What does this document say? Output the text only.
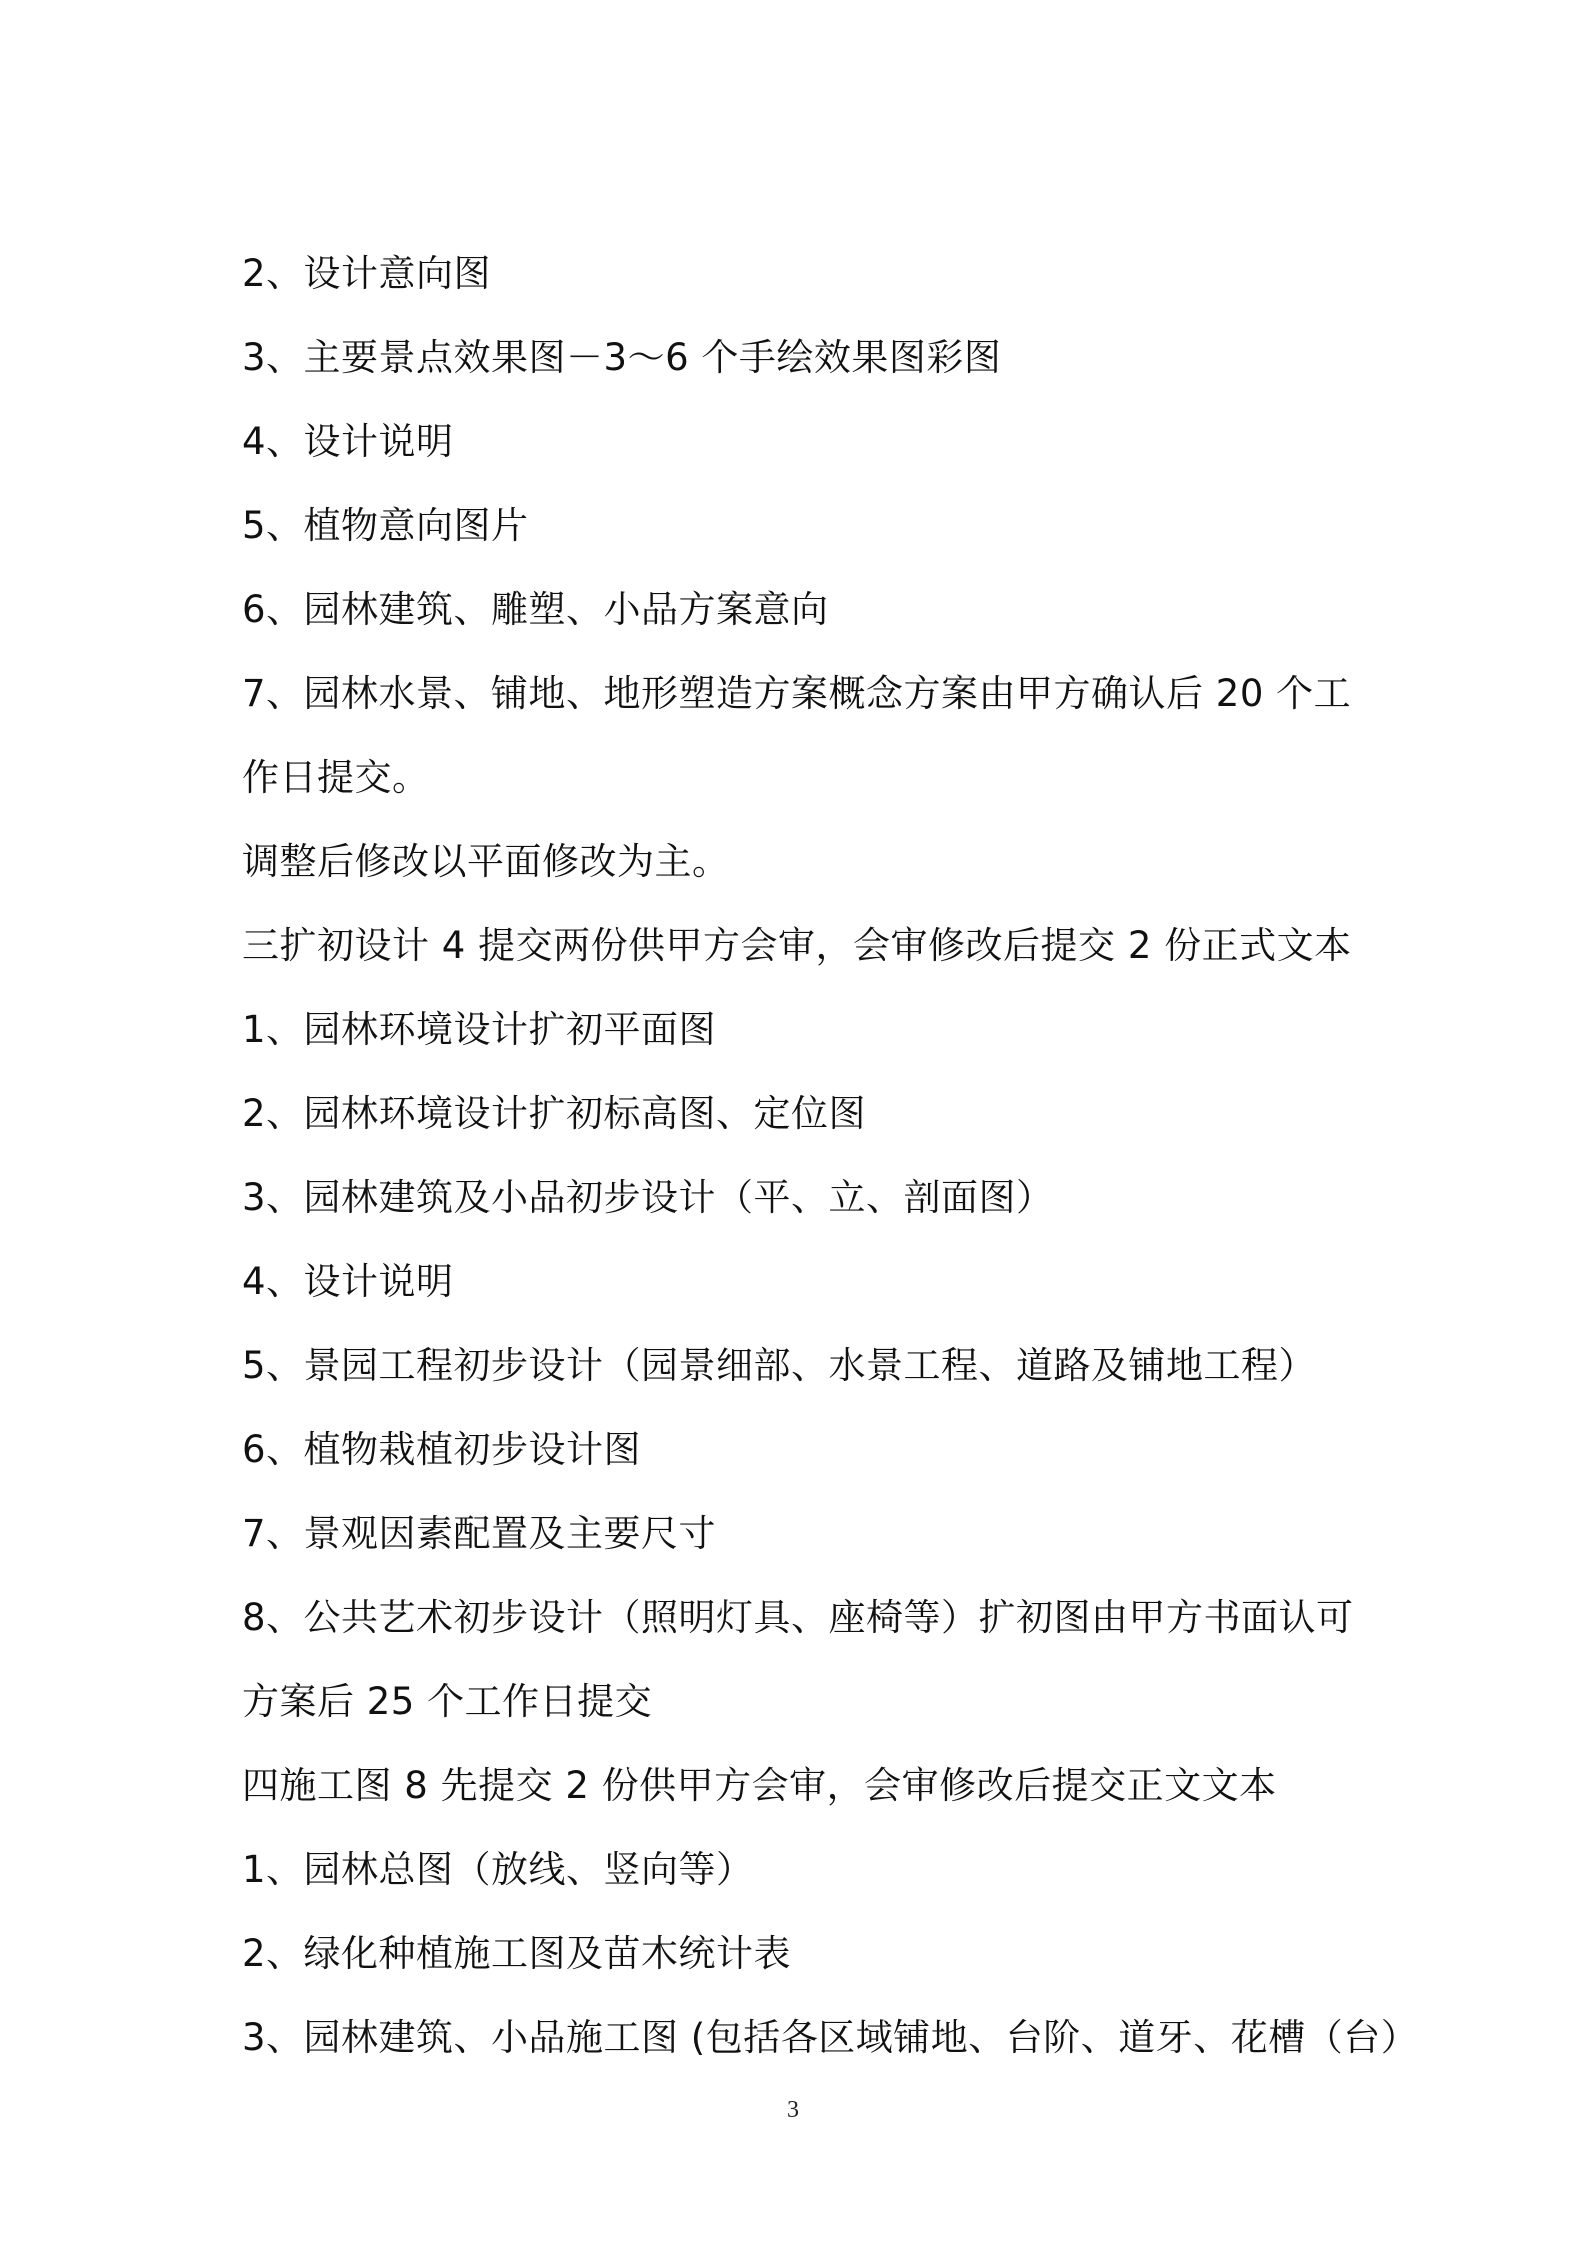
2、设计意向图
3、主要景点效果图－3～6 个手绘效果图彩图
4、设计说明
5、植物意向图片
6、园林建筑、雕塑、小品方案意向
7、园林水景、铺地、地形塑造方案概念方案由甲方确认后 20 个工
作日提交。
调整后修改以平面修改为主。
三扩初设计 4 提交两份供甲方会审，会审修改后提交 2 份正式文本
1、园林环境设计扩初平面图
2、园林环境设计扩初标高图、定位图
3、园林建筑及小品初步设计（平、立、剖面图）
4、设计说明
5、景园工程初步设计（园景细部、水景工程、道路及铺地工程）
6、植物栽植初步设计图
7、景观因素配置及主要尺寸
8、公共艺术初步设计（照明灯具、座椅等）扩初图由甲方书面认可
方案后 25 个工作日提交
四施工图 8 先提交 2 份供甲方会审，会审修改后提交正文文本
1、园林总图（放线、竖向等）
2、绿化种植施工图及苗木统计表
3、园林建筑、小品施工图 (包括各区域铺地、台阶、道牙、花槽（台）
3
